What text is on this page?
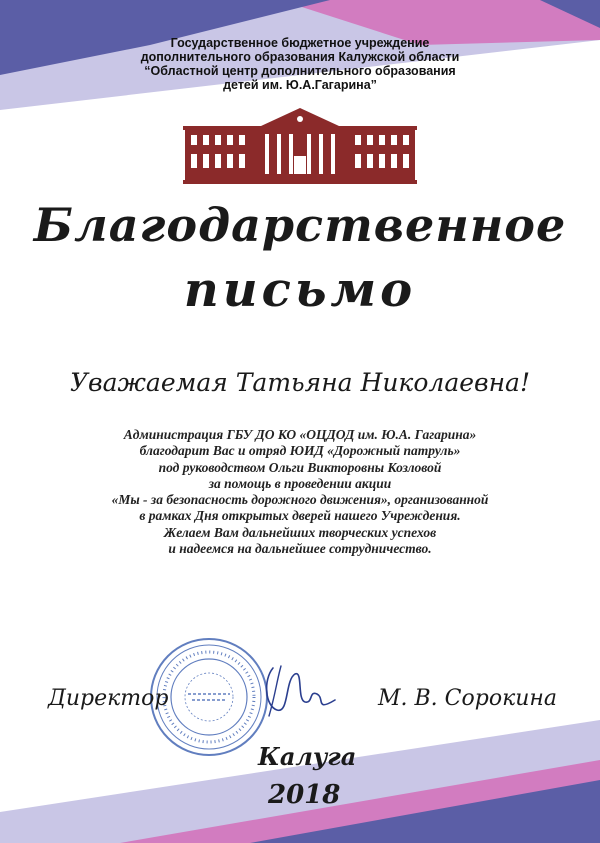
Государственное бюджетное учреждение
дополнительного образования Калужской области
“Областной центр дополнительного образования
детей им. Ю.А.Гагарина”
Благодарственное
письмо
Уважаемая Татьяна Николаевна!
Администрация ГБУ ДО КО «ОЦДОД им. Ю.А. Гагарина»
благодарит Вас и отряд ЮИД «Дорожный патруль»
под руководством Ольги Викторовны Козловой
за помощь в проведении акции
«Мы - за безопасность дорожного движения», организованной
в рамках Дня открытых дверей нашего Учреждения.
Желаем Вам дальнейших творческих успехов
и надеемся на дальнейшее сотрудничество.
Директор	М. В. Сорокина
Калуга
2018
